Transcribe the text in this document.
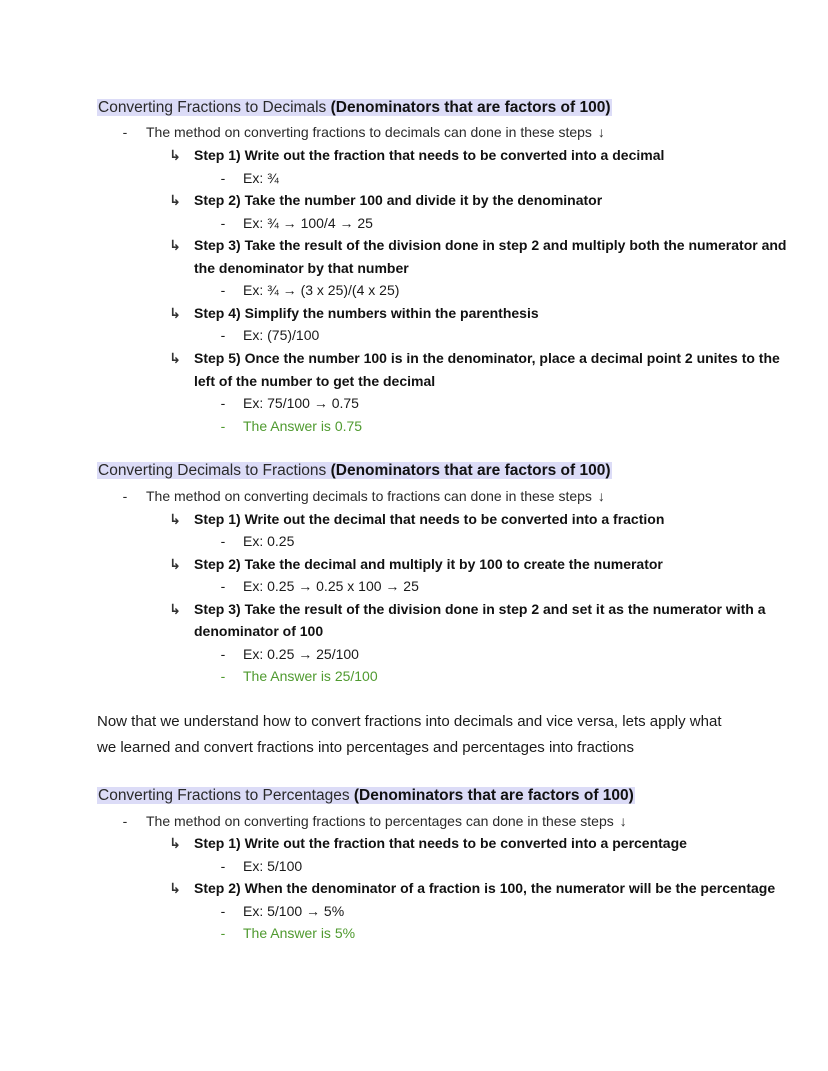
Converting Fractions to Decimals (Denominators that are factors of 100)
-	The method on converting fractions to decimals can done in these steps ↓
↳ Step 1) Write out the fraction that needs to be converted into a decimal
-	Ex: ¾
↳ Step 2) Take the number 100 and divide it by the denominator
-	Ex: ¾ → 100/4 → 25
↳ Step 3) Take the result of the division done in step 2 and multiply both the numerator and
the denominator by that number
-	Ex: ¾ → (3 x 25)/(4 x 25)
↳ Step 4) Simplify the numbers within the parenthesis
-	Ex: (75)/100
↳ Step 5) Once the number 100 is in the denominator, place a decimal point 2 unites to the
left of the number to get the decimal
-	Ex: 75/100 → 0.75
-	The Answer is 0.75
Converting Decimals to Fractions (Denominators that are factors of 100)
-	The method on converting decimals to fractions can done in these steps ↓
↳ Step 1) Write out the decimal that needs to be converted into a fraction
-	Ex: 0.25
↳ Step 2) Take the decimal and multiply it by 100 to create the numerator
-	Ex: 0.25 → 0.25 x 100 → 25
↳ Step 3) Take the result of the division done in step 2 and set it as the numerator with a
denominator of 100
-	Ex: 0.25 → 25/100
-	The Answer is 25/100
Now that we understand how to convert fractions into decimals and vice versa, lets apply what we learned and convert fractions into percentages and percentages into fractions
Converting Fractions to Percentages (Denominators that are factors of 100)
-	The method on converting fractions to percentages can done in these steps ↓
↳ Step 1) Write out the fraction that needs to be converted into a percentage
-	Ex: 5/100
↳ Step 2) When the denominator of a fraction is 100, the numerator will be the percentage
-	Ex: 5/100 → 5%
-	The Answer is 5%
